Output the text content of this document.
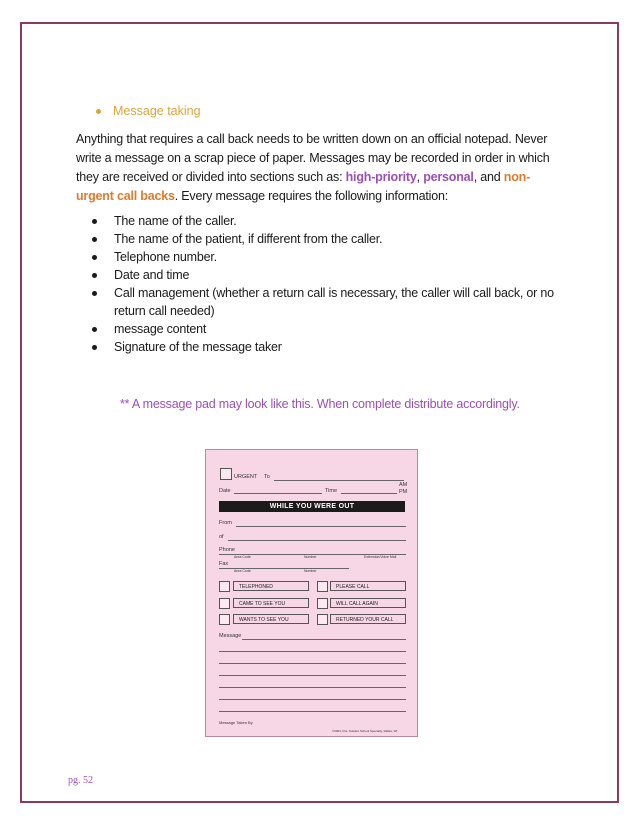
Message taking
Anything that requires a call back needs to be written down on an official notepad. Never write a message on a scrap piece of paper. Messages may be recorded in order in which they are received or divided into sections such as: high-priority, personal, and non-urgent call backs. Every message requires the following information:
The name of the caller.
The name of the patient, if different from the caller.
Telephone number.
Date and time
Call management (whether a return call is necessary, the caller will call back, or no return call needed)
message content
Signature of the message taker
** A message pad may look like this. When complete distribute accordingly.
URGENT To
AM
Date	Time	PM
WHILE YOU WERE OUT
From
of
Phone
Area Code	Number	Extension/Voice Mail
Fax
Area Code	Number
TELEPHONED	PLEASE CALL
CAME TO SEE YOU	WILL CALL AGAIN
WANTS TO SEE YOU	RETURNED YOUR CALL
Message
Message Taken By
©2004, Drs. Teledex School Specialty, Dallas, WI
pg. 52
